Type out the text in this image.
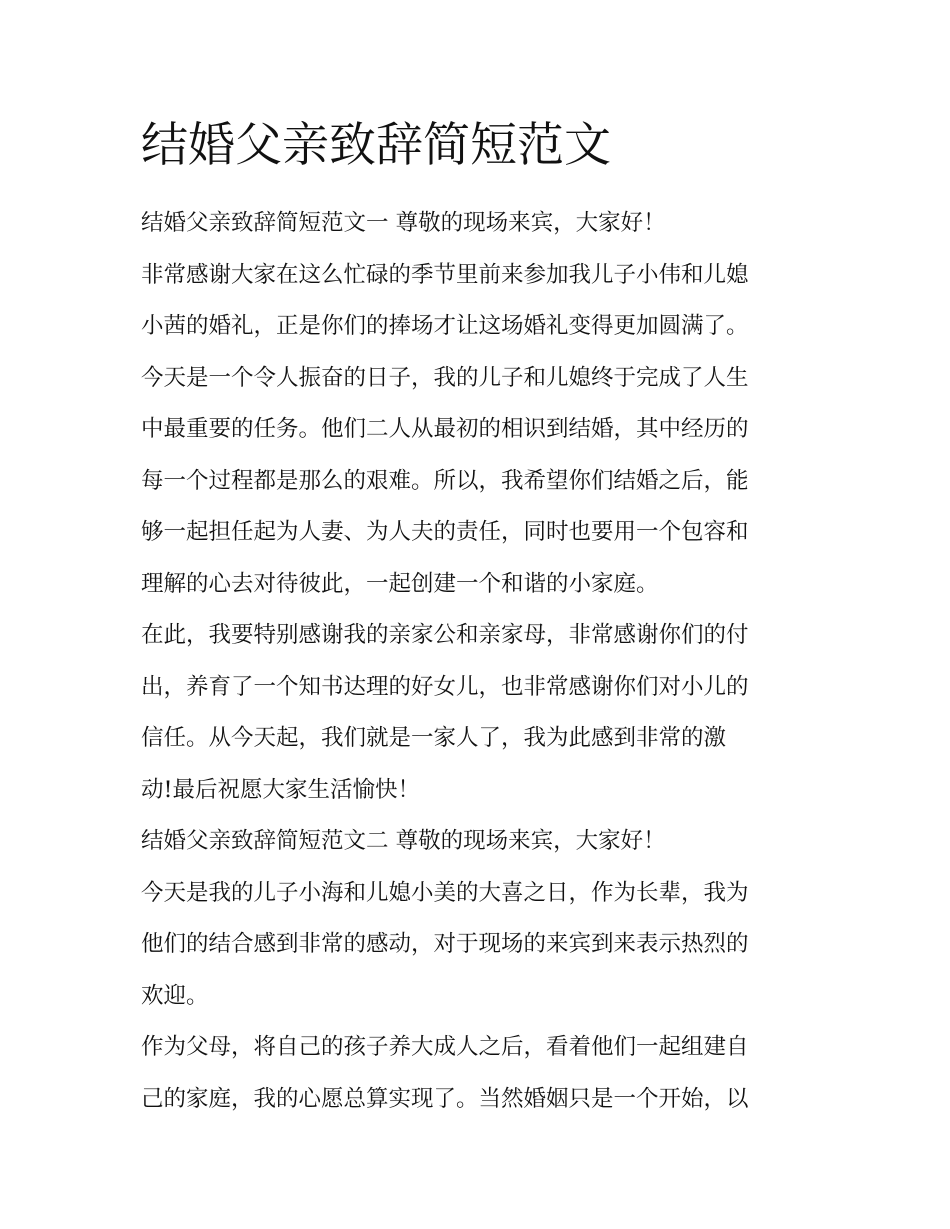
结婚父亲致辞简短范文
结婚父亲致辞简短范文一 尊敬的现场来宾，大家好！
非常感谢大家在这么忙碌的季节里前来参加我儿子小伟和儿媳
小茜的婚礼，正是你们的捧场才让这场婚礼变得更加圆满了。
今天是一个令人振奋的日子，我的儿子和儿媳终于完成了人生
中最重要的任务。他们二人从最初的相识到结婚，其中经历的
每一个过程都是那么的艰难。所以，我希望你们结婚之后，能
够一起担任起为人妻、为人夫的责任，同时也要用一个包容和
理解的心去对待彼此，一起创建一个和谐的小家庭。
在此，我要特别感谢我的亲家公和亲家母，非常感谢你们的付
出，养育了一个知书达理的好女儿，也非常感谢你们对小儿的
信任。从今天起，我们就是一家人了，我为此感到非常的激
动!最后祝愿大家生活愉快！
结婚父亲致辞简短范文二 尊敬的现场来宾，大家好！
今天是我的儿子小海和儿媳小美的大喜之日，作为长辈，我为
他们的结合感到非常的感动，对于现场的来宾到来表示热烈的
欢迎。
作为父母，将自己的孩子养大成人之后，看着他们一起组建自
己的家庭，我的心愿总算实现了。当然婚姻只是一个开始，以
